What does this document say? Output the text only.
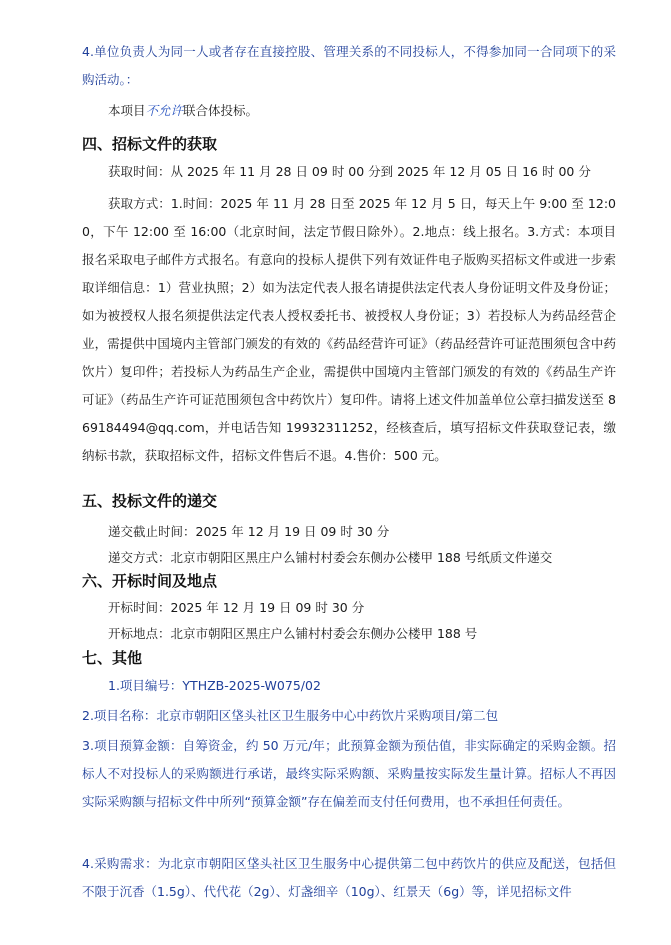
4.单位负责人为同一人或者存在直接控股、管理关系的不同投标人，不得参加同一合同项下的采购活动。：

本项目不允许联合体投标。

四、招标文件的获取

获取时间：从 2025 年 11 月 28 日 09 时 00 分到 2025 年 12 月 05 日 16 时 00 分

获取方式：1.时间：2025 年 11 月 28 日至 2025 年 12 月 5 日，每天上午 9:00 至 12:00，下午 12:00 至 16:00（北京时间，法定节假日除外）。2.地点：线上报名。3.方式：本项目报名采取电子邮件方式报名。有意向的投标人提供下列有效证件电子版购买招标文件或进一步索取详细信息：1）营业执照；2）如为法定代表人报名请提供法定代表人身份证明文件及身份证；如为被授权人报名须提供法定代表人授权委托书、被授权人身份证；3）若投标人为药品经营企业，需提供中国境内主管部门颁发的有效的《药品经营许可证》（药品经营许可证范围须包含中药饮片）复印件；若投标人为药品生产企业，需提供中国境内主管部门颁发的有效的《药品生产许可证》（药品生产许可证范围须包含中药饮片）复印件。请将上述文件加盖单位公章扫描发送至 869184494@qq.com，并电话告知 19932311252，经核查后，填写招标文件获取登记表，缴纳标书款，获取招标文件，招标文件售后不退。4.售价：500 元。

五、投标文件的递交

递交截止时间：2025 年 12 月 19 日 09 时 30 分

递交方式：北京市朝阳区黑庄户么铺村村委会东侧办公楼甲 188 号纸质文件递交

六、开标时间及地点

开标时间：2025 年 12 月 19 日 09 时 30 分

开标地点：北京市朝阳区黑庄户么铺村村委会东侧办公楼甲 188 号

七、其他

1.项目编号：YTHZB-2025-W075/02

2.项目名称：北京市朝阳区垡头社区卫生服务中心中药饮片采购项目/第二包

3.项目预算金额：自筹资金，约 50 万元/年；此预算金额为预估值，非实际确定的采购金额。招标人不对投标人的采购额进行承诺，最终实际采购额、采购量按实际发生量计算。招标人不再因实际采购额与招标文件中所列“预算金额”存在偏差而支付任何费用，也不承担任何责任。

4.采购需求：为北京市朝阳区垡头社区卫生服务中心提供第二包中药饮片的供应及配送，包括但不限于沉香（1.5g）、代代花（2g）、灯盏细辛（10g）、红景天（6g）等，详见招标文件
